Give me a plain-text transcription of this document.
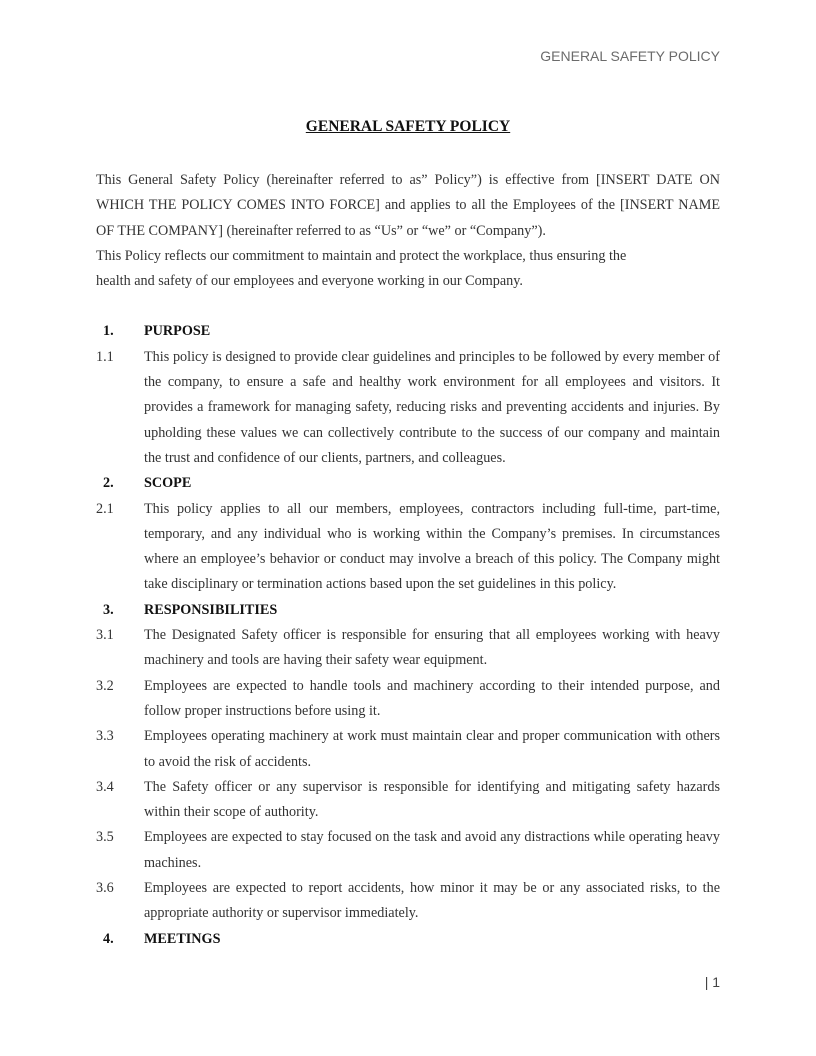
GENERAL SAFETY POLICY
GENERAL SAFETY POLICY

This General Safety Policy (hereinafter referred to as” Policy”) is effective from [INSERT DATE ON WHICH THE POLICY COMES INTO FORCE] and applies to all the Employees of the [INSERT NAME OF THE COMPANY] (hereinafter referred to as “Us” or “we” or “Company”).

This Policy reflects our commitment to maintain and protect the workplace, thus ensuring the

health and safety of our employees and everyone working in our Company.

1.	PURPOSE
1.1	This policy is designed to provide clear guidelines and principles to be followed by every member of the company, to ensure a safe and healthy work environment for all employees and visitors. It provides a framework for managing safety, reducing risks and preventing accidents and injuries. By upholding these values we can collectively contribute to the success of our company and maintain the trust and confidence of our clients, partners, and colleagues.
2.	SCOPE
2.1	This policy applies to all our members, employees, contractors including full-time, part-time, temporary, and any individual who is working within the Company’s premises. In circumstances where an employee’s behavior or conduct may involve a breach of this policy. The Company might take disciplinary or termination actions based upon the set guidelines in this policy.
3.	RESPONSIBILITIES
3.1	The Designated Safety officer is responsible for ensuring that all employees working with heavy machinery and tools are having their safety wear equipment.
3.2	Employees are expected to handle tools and machinery according to their intended purpose, and follow proper instructions before using it.
3.3	Employees operating machinery at work must maintain clear and proper communication with others to avoid the risk of accidents.
3.4	The Safety officer or any supervisor is responsible for identifying and mitigating safety hazards within their scope of authority.
3.5	Employees are expected to stay focused on the task and avoid any distractions while operating heavy machines.
3.6	Employees are expected to report accidents, how minor it may be or any associated risks, to the appropriate authority or supervisor immediately.
4.	MEETINGS
| 1
